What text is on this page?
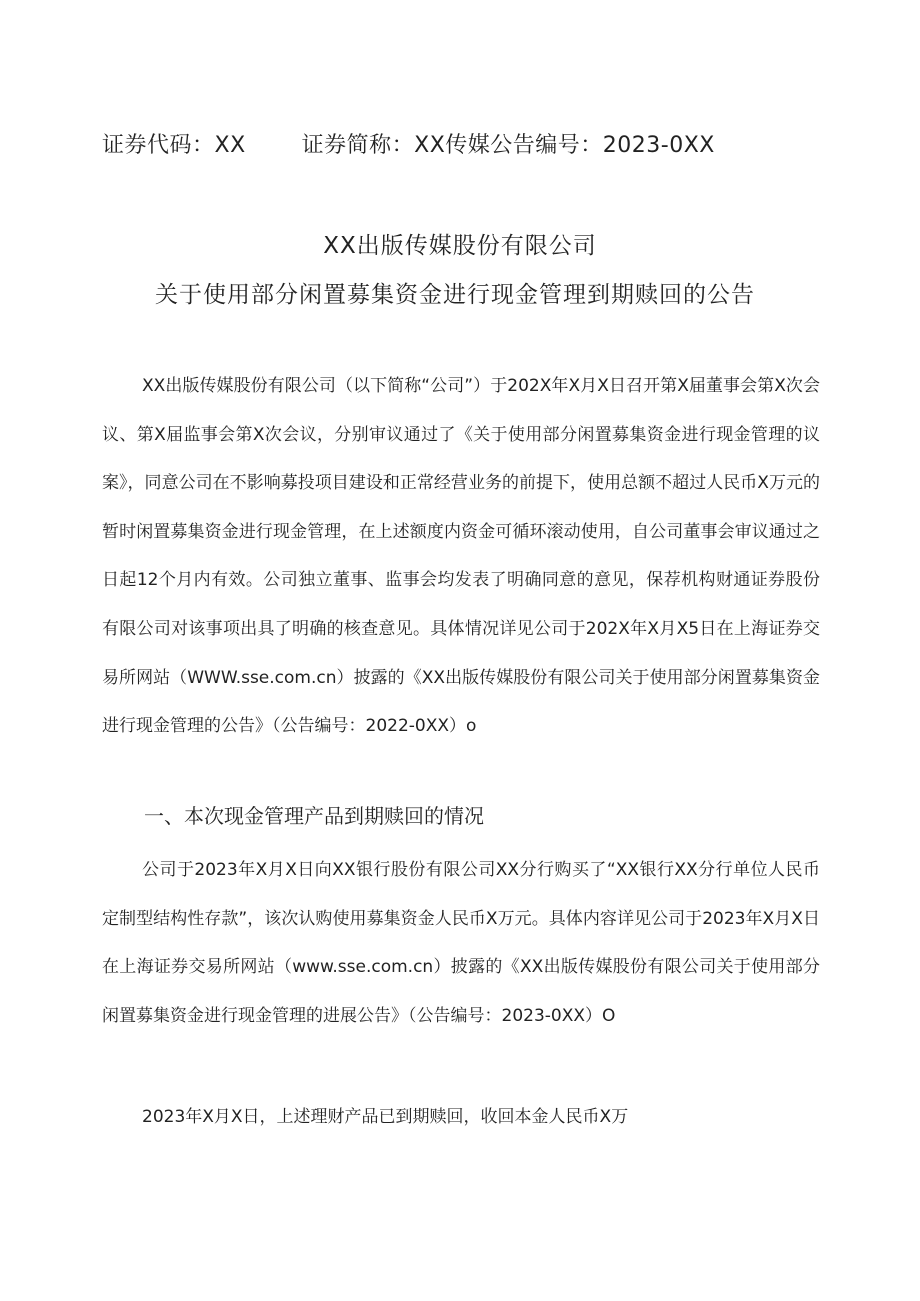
证券代码：XX	证券简称：XX传媒公告编号：2023-0XX
XX出版传媒股份有限公司
关于使用部分闲置募集资金进行现金管理到期赎回的公告

XX出版传媒股份有限公司（以下简称“公司”）于202X年X月X日召开第X届董事会第X次会议、第X届监事会第X次会议，分别审议通过了《关于使用部分闲置募集资金进行现金管理的议案》，同意公司在不影响募投项目建设和正常经营业务的前提下，使用总额不超过人民币X万元的暂时闲置募集资金进行现金管理，在上述额度内资金可循环滚动使用，自公司董事会审议通过之日起12个月内有效。公司独立董事、监事会均发表了明确同意的意见，保荐机构财通证券股份有限公司对该事项出具了明确的核查意见。具体情况详见公司于202X年X月X5日在上海证券交易所网站（WWW.sse.com.cn）披露的《XX出版传媒股份有限公司关于使用部分闲置募集资金进行现金管理的公告》（公告编号：2022-0XX）o

一、本次现金管理产品到期赎回的情况

公司于2023年X月X日向XX银行股份有限公司XX分行购买了“XX银行XX分行单位人民币定制型结构性存款”，该次认购使用募集资金人民币X万元。具体内容详见公司于2023年X月X日在上海证券交易所网站（www.sse.com.cn）披露的《XX出版传媒股份有限公司关于使用部分闲置募集资金进行现金管理的进展公告》（公告编号：2023-0XX）O

2023年X月X日，上述理财产品已到期赎回，收回本金人民币X万
